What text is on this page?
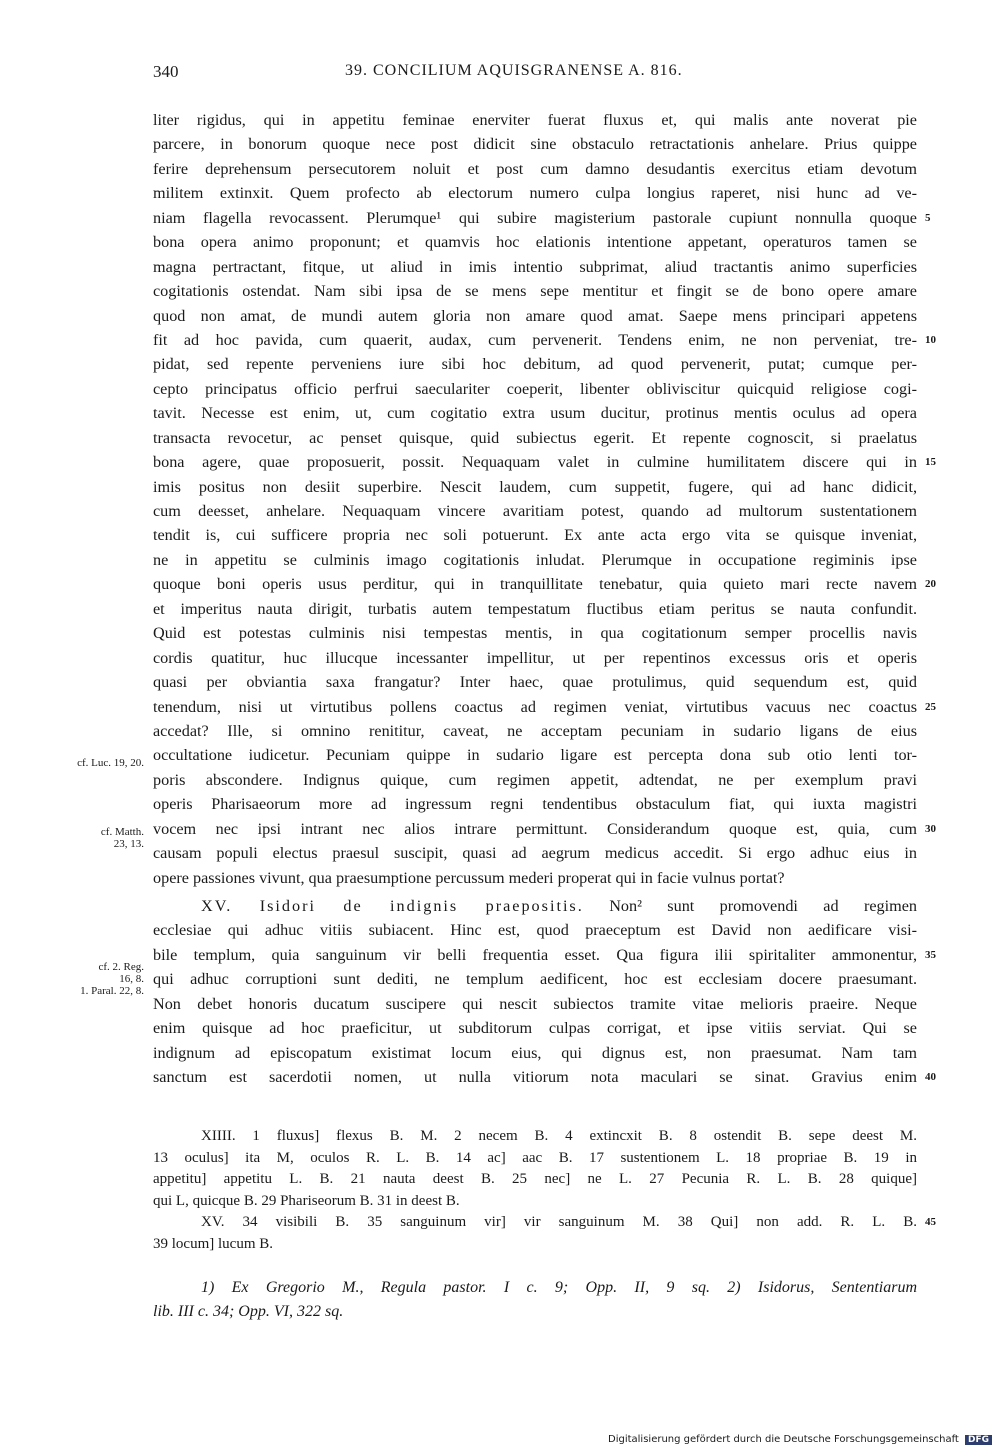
340	39. CONCILIUM AQUISGRANENSE A. 816.
liter rigidus, qui in appetitu feminae enerviter fuerat fluxus et, qui malis ante noverat pie
parcere, in bonorum quoque nece post didicit sine obstaculo retractationis anhelare. Prius quippe
ferire deprehensum persecutorem noluit et post cum damno desudantis exercitus etiam devotum
militem extinxit. Quem profecto ab electorum numero culpa longius raperet, nisi hunc ad ve-
niam flagella revocassent. Plerumque¹ qui subire magisterium pastorale cupiunt nonnulla quoque 5
bona opera animo proponunt; et quamvis hoc elationis intentione appetant, operaturos tamen se
magna pertractant, fitque, ut aliud in imis intentio subprimat, aliud tractantis animo superficies
cogitationis ostendat. Nam sibi ipsa de se mens sepe mentitur et fingit se de bono opere amare
quod non amat, de mundi autem gloria non amare quod amat. Saepe mens principari appetens
fit ad hoc pavida, cum quaerit, audax, cum pervenerit. Tendens enim, ne non perveniat, tre- 10
pidat, sed repente perveniens iure sibi hoc debitum, ad quod pervenerit, putat; cumque per-
cepto principatus officio perfrui saeculariter coeperit, libenter obliviscitur quicquid religiose cogi-
tavit. Necesse est enim, ut, cum cogitatio extra usum ducitur, protinus mentis oculus ad opera
transacta revocetur, ac penset quisque, quid subiectus egerit. Et repente cognoscit, si praelatus
bona agere, quae proposuerit, possit. Nequaquam valet in culmine humilitatem discere qui in 15
imis positus non desiit superbire. Nescit laudem, cum suppetit, fugere, qui ad hanc didicit,
cum deesset, anhelare. Nequaquam vincere avaritiam potest, quando ad multorum sustentationem
tendit is, cui sufficere propria nec soli potuerunt. Ex ante acta ergo vita se quisque inveniat,
ne in appetitu se culminis imago cogitationis inludat. Plerumque in occupatione regiminis ipse
quoque boni operis usus perditur, qui in tranquillitate tenebatur, quia quieto mari recte navem 20
et imperitus nauta dirigit, turbatis autem tempestatum fluctibus etiam peritus se nauta confundit.
Quid est potestas culminis nisi tempestas mentis, in qua cogitationum semper procellis navis
cordis quatitur, huc illucque incessanter impellitur, ut per repentinos excessus oris et operis
quasi per obviantia saxa frangatur? Inter haec, quae protulimus, quid sequendum est, quid
tenendum, nisi ut virtutibus pollens coactus ad regimen veniat, virtutibus vacuus nec coactus 25
accedat? Ille, si omnino renititur, caveat, ne acceptam pecuniam in sudario ligans de eius
occultatione iudicetur. Pecuniam quippe in sudario ligare est percepta dona sub otio lenti tor-
poris abscondere. Indignus quique, cum regimen appetit, adtendat, ne per exemplum pravi
operis Pharisaeorum more ad ingressum regni tendentibus obstaculum fiat, qui iuxta magistri
vocem nec ipsi intrant nec alios intrare permittunt. Considerandum quoque est, quia, cum 30
causam populi electus praesul suscipit, quasi ad aegrum medicus accedit. Si ergo adhuc eius in
opere passiones vivunt, qua praesumptione percussum mederi properat qui in facie vulnus portat?
XV. Isidori de indignis praepositis. Non² sunt promovendi ad regimen
ecclesiae qui adhuc vitiis subiacent. Hinc est, quod praeceptum est David non aedificare visi-
bile templum, quia sanguinum vir belli frequentia esset. Qua figura ilii spiritaliter ammonentur, 35
qui adhuc corruptioni sunt dediti, ne templum aedificent, hoc est ecclesiam docere praesumant.
Non debet honoris ducatum suscipere qui nescit subiectos tramite vitae melioris praeire. Neque
enim quisque ad hoc praeficitur, ut subditorum culpas corrigat, et ipse vitiis serviat. Qui se
indignum ad episcopatum existimat locum eius, qui dignus est, non praesumat. Nam tam
sanctum est sacerdotii nomen, ut nulla vitiorum nota maculari se sinat. Gravius enim 40
cf. Luc. 19, 20.
cf. Matth.
23, 13.
cf. 2. Reg.
16, 8.
1. Paral. 22, 8.
XIIII. 1 fluxus] flexus B. M. 2 necem B. 4 extincxit B. 8 ostendit B. sepe deest M.
13 oculus] ita M, oculos R. L. B. 14 ac] aac B. 17 sustentionem L. 18 propriae B. 19 in
appetitu] appetitu L. B. 21 nauta deest B. 25 nec] ne L. 27 Pecunia R. L. B. 28 quique]
qui L, quicque B. 29 Phariseorum B. 31 in deest B.
XV. 34 visibili B. 35 sanguinum vir] vir sanguinum M. 38 Qui] non add. R. L. B. 45
39 locum] lucum B.
1) Ex Gregorio M., Regula pastor. I c. 9; Opp. II, 9 sq. 2) Isidorus, Sententiarum
lib. III c. 34; Opp. VI, 322 sq.
Digitalisierung gefördert durch die Deutsche Forschungsgemeinschaft DFG
